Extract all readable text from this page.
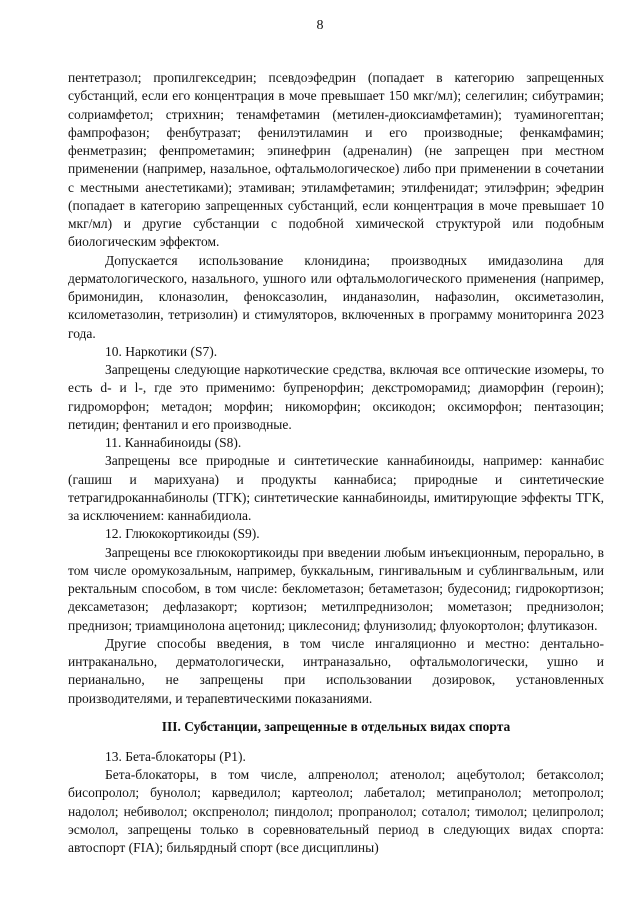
8

пентетразол; пропилгекседрин; псевдоэфедрин (попадает в категорию запрещенных субстанций, если его концентрация в моче превышает 150 мкг/мл); селегилин; сибутрамин; солриамфетол; стрихнин; тенамфетамин (метилен-диоксиамфетамин); туаминогептан; фампрофазон; фенбутразат; фенилэтиламин и его производные; фенкамфамин; фенметразин; фенпрометамин; эпинефрин (адреналин) (не запрещен при местном применении (например, назальное, офтальмологическое) либо при применении в сочетании с местными анестетиками); этамиван; этиламфетамин; этилфенидат; этилэфрин; эфедрин (попадает в категорию запрещенных субстанций, если концентрация в моче превышает 10 мкг/мл) и другие субстанции с подобной химической структурой или подобным биологическим эффектом.

Допускается использование клонидина; производных имидазолина для дерматологического, назального, ушного или офтальмологического применения (например, бримонидин, клоназолин, феноксазолин, инданазолин, нафазолин, оксиметазолин, ксилометазолин, тетризолин) и стимуляторов, включенных в программу мониторинга 2023 года.

10. Наркотики (S7).

Запрещены следующие наркотические средства, включая все оптические изомеры, то есть d- и l-, где это применимо: бупренорфин; декстроморамид; диаморфин (героин); гидроморфон; метадон; морфин; никоморфин; оксикодон; оксиморфон; пентазоцин; петидин; фентанил и его производные.

11. Каннабиноиды (S8).

Запрещены все природные и синтетические каннабиноиды, например: каннабис (гашиш и марихуана) и продукты каннабиса; природные и синтетические тетрагидроканнабинолы (ТГК); синтетические каннабиноиды, имитирующие эффекты ТГК, за исключением: каннабидиола.

12. Глюкокортикоиды (S9).

Запрещены все глюкокортикоиды при введении любым инъекционным, перорально, в том числе оромукозальным, например, буккальным, гингивальным и сублингвальным, или ректальным способом, в том числе: беклометазон; бетаметазон; будесонид; гидрокортизон; дексаметазон; дефлазакорт; кортизон; метилпреднизолон; мометазон; преднизолон; преднизон; триамцинолона ацетонид; циклесонид; флунизолид; флуокортолон; флутиказон.

Другие способы введения, в том числе ингаляционно и местно: дентально-интраканально, дерматологически, интраназально, офтальмологически, ушно и перианально, не запрещены при использовании дозировок, установленных производителями, и терапевтическими показаниями.

III. Субстанции, запрещенные в отдельных видах спорта

13. Бета-блокаторы (P1).

Бета-блокаторы, в том числе, алпренолол; атенолол; ацебутолол; бетаксолол; бисопролол; бунолол; карведилол; картеолол; лабеталол; метипранолол; метопролол; надолол; небиволол; окспренолол; пиндолол; пропранолол; соталол; тимолол; целипролол; эсмолол, запрещены только в соревновательный период в следующих видах спорта: автоспорт (FIA); бильярдный спорт (все дисциплины)
